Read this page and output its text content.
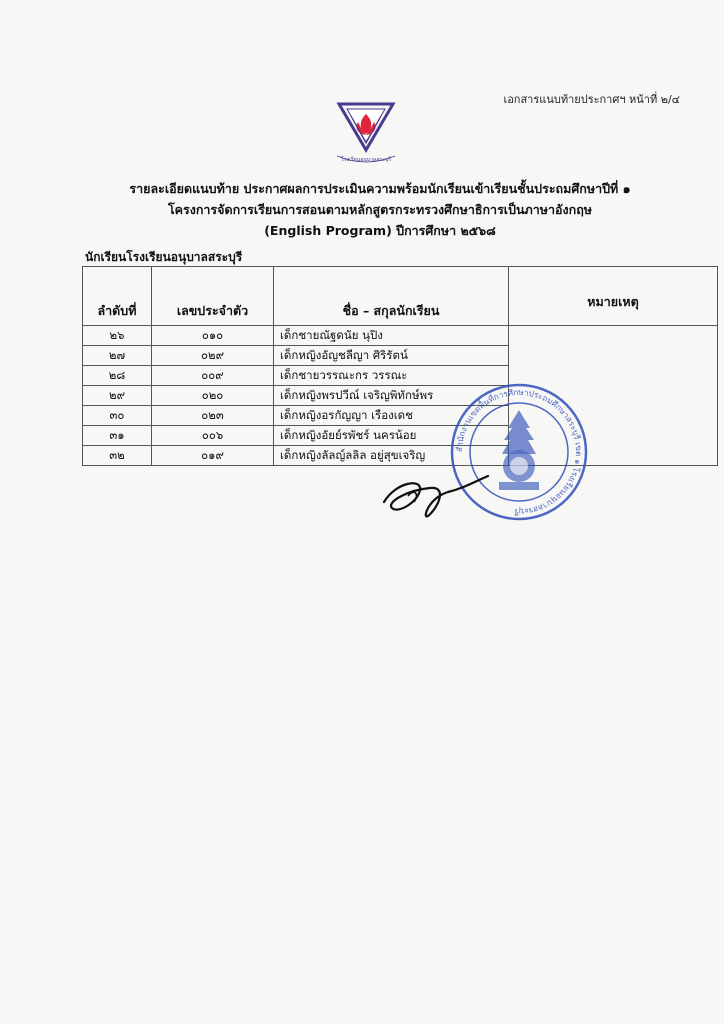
เอกสารแนบท้ายประกาศฯ หน้าที่ ๒/๔
โรงเรียนอนุบาลสระบุรี
รายละเอียดแนบท้าย ประกาศผลการประเมินความพร้อมนักเรียนเข้าเรียนชั้นประถมศึกษาปีที่ ๑
โครงการจัดการเรียนการสอนตามหลักสูตรกระทรวงศึกษาธิการเป็นภาษาอังกฤษ
(English Program) ปีการศึกษา ๒๕๖๘
นักเรียนโรงเรียนอนุบาลสระบุรี
ลำดับที่	เลขประจำตัว	ชื่อ – สกุลนักเรียน	หมายเหตุ
๒๖	๐๑๐	เด็กชายณัฐดนัย นุปิง	
๒๗	๐๒๙	เด็กหญิงอัญชลีญา ศิริรัตน์	
๒๘	๐๐๙	เด็กชายวรรณะกร วรรณะ	
๒๙	๐๒๐	เด็กหญิงพรปวีณ์ เจริญพิทักษ์พร	
๓๐	๐๒๓	เด็กหญิงอรกัญญา เรืองเดช	
๓๑	๐๐๖	เด็กหญิงอัยย์รพัชร์ นครน้อย	
๓๒	๐๑๙	เด็กหญิงลัลญ์ลลิล อยู่สุขเจริญ	
สำนักงานเขตพื้นที่การศึกษาประถมศึกษาสระบุรี เขต ๑ โรงเรียนอนุบาลสระบุรี
